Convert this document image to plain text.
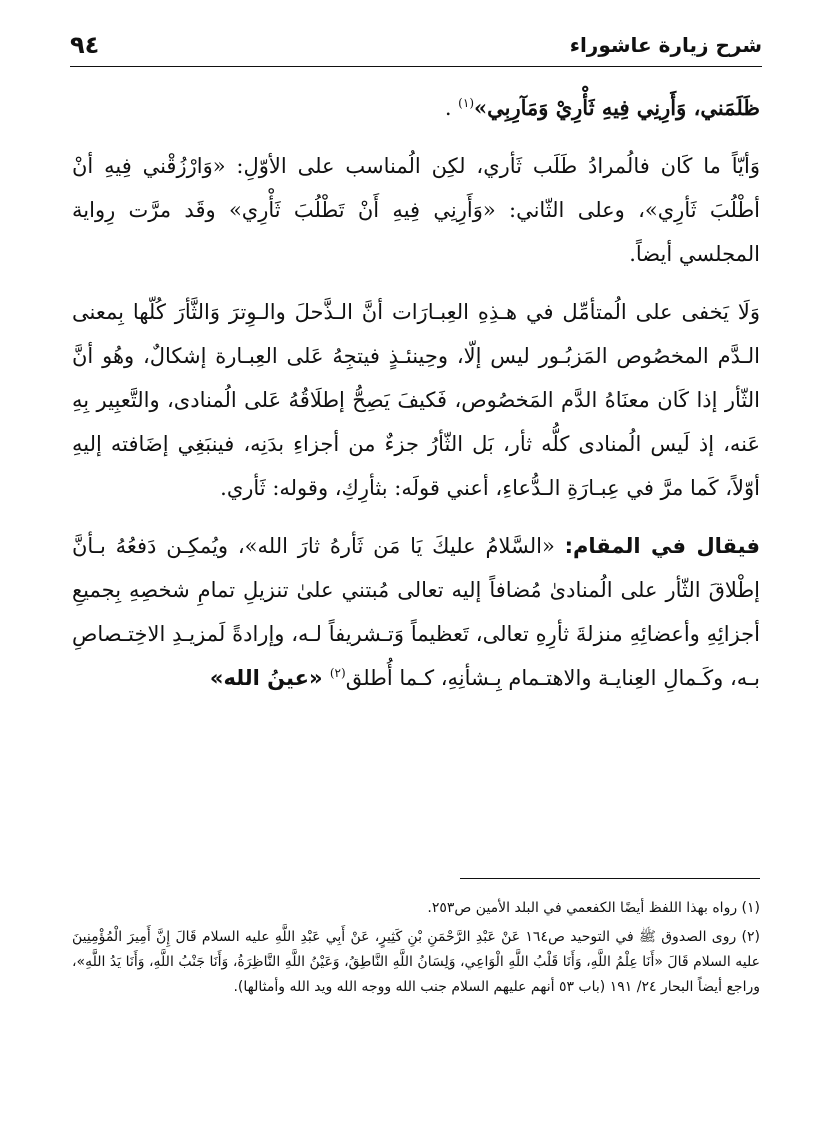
شرح زيارة عاشوراء
٩٤

ظَلَمَني، وَأَرِنِي فِيهِ ثَأْرِيْ وَمَآرِبِي»$^{(١)}$ .

وَأيّاً ما كَان فالُمرادُ طَلَب ثَأري، لكِن الُمناسب على الأوّلِ: «وَارْزُقْني فِيهِ أنْ أطْلُبَ ثَأرِي»، وعلى الثّاني: «وَأَرِنِي فِيهِ أَنْ تَطْلُبَ ثَأْرِي» وقَد مرَّت رِواية المجلسي أيضاً.

وَلَا يَخفى على الُمتأمِّل في هـذِهِ العِبـارَات أنَّ الـذَّحلَ والـوِترَ وَالثَّأرَ كُلّها بِمعنى الـدَّم المخصُوص المَزبُـور ليس إلّا، وحِينئـذٍ فيتجِهُ عَلى العِبـارة إشكالٌ، وهُو أنَّ الثّأر إذا كَان معنَاهُ الدَّم المَخصُوص، فَكيفَ يَصِحُّ إطلَاقُهُ عَلى الُمنادى، والتَّعبِير بِهِ عَنه، إذ لَيس الُمنادى كلُّه ثأر، بَل الثّأرُ جزءٌ من أجزاءِ بدَنِه، فينبَغِي إضَافته إليهِ أوّلاً، كَما مرَّ في عِبـارَةِ الـدُّعاءِ، أعني قولَه: بثأرِكِ، وقوله: ثَأري.

فيقال في المقام: «السَّلامُ عليكَ يَا مَن ثَأرهُ ثارَ الله»، ويُمكِـن دَفعُهُ بـأنَّ إطْلاقَ الثّأر على الُمنادىٰ مُضافاً إليه تعالى مُبتني علىٰ تنزيلِ تمامِ شخصِهِ بِجميعِ أجزائِهِ وأعضائِهِ منزلةَ ثأرِهِ تعالى، تَعظيماً وَتـشريفاً لـه، وإرادةً لَمزيـدِ الاخِتـصاصِ بـه، وكَـمالِ العِنايـة والاهتـمام بِـشأنِهِ، كـما أُطلق$^{(٢)}$ «عينُ الله»

(١) رواه بهذا اللفظ أيضًا الكفعمي في البلد الأمين ص٢٥٣.

(٢) روى الصدوق ﷺ في التوحيد ص١٦٤ عَنْ عَبْدِ الرَّحْمَنِ بْنِ كَثِيرٍ، عَنْ أَبِي عَبْدِ اللَّهِ عليه السلام قَالَ إِنَّ أَمِيرَ الْمُؤْمِنِينَ عليه السلام قَالَ «أَنَا عِلْمُ اللَّهِ، وَأَنَا قَلْبُ اللَّهِ الْوَاعِي، وَلِسَانُ اللَّهِ النَّاطِقُ، وَعَيْنُ اللَّهِ النَّاظِرَةُ، وَأَنَا جَنْبُ اللَّهِ، وَأَنَا يَدُ اللَّهِ»، وراجع أيضاً البحار ٢٤/ ١٩١ (باب ٥٣ أنهم عليهم السلام جنب الله ووجه الله ويد الله وأمثالها).
